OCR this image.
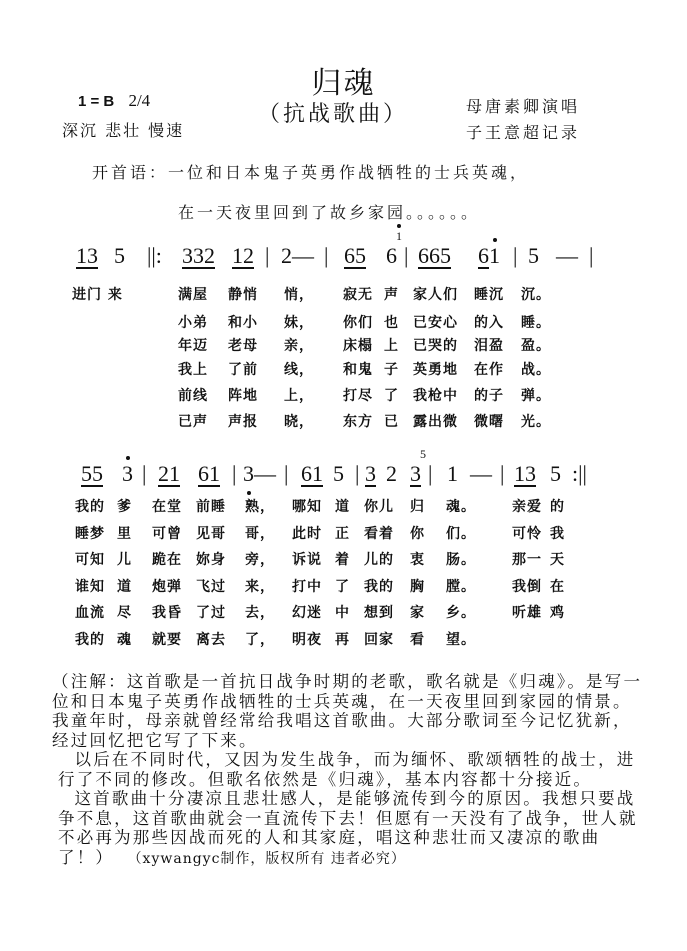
归魂
（抗战歌曲）
1 = B 2/4
深沉 悲壮 慢速
母唐素卿演唱
子王意超记录
开首语：一位和日本鬼子英勇作战牺牲的士兵英魂，
在一天夜里回到了故乡家园。。。。。。
13 5 ||: 332 12 | 2— | 65 6
1
| 665 61 | 5 — |
进门 来	满屋 静悄 悄， 寂无 声 家人们 睡沉 沉。
小弟 和小 妹， 你们 也 已安心 的入 睡。
年迈 老母 亲， 床榻 上 已哭的 泪盈 盈。
我上 了前 线， 和鬼 子 英勇地 在作 战。
前线 阵地 上， 打尽 了 我枪中 的子 弹。
已声 声报 晓， 东方 已 露出微 微曙 光。
55 3 | 21 61 | 3— | 61 5 | 3 2 3
5
| 1 — | 13 5 :||
我的 爹 在堂 前睡 熟， 哪知 道 你儿 归 魂。	亲爱 的
睡梦 里 可曾 见哥 哥， 此时 正 看着 你 们。	可怜 我
可知 儿 跪在 妳身 旁， 诉说 着 儿的 衷 肠。	那一 天
谁知 道 炮弹 飞过 来， 打中 了 我的 胸 膛。	我倒 在
血流 尽 我昏 了过 去， 幻迷 中 想到 家 乡。	听雄 鸡
我的 魂 就要 离去 了， 明夜 再 回家 看 望。

（注解：这首歌是一首抗日战争时期的老歌，歌名就是《归魂》。是写一位和日本鬼子英勇作战牺牲的士兵英魂，在一天夜里回到家园的情景。我童年时，母亲就曾经常给我唱这首歌曲。大部分歌词至今记忆犹新，经过回忆把它写了下来。

以后在不同时代，又因为发生战争，而为缅怀、歌颂牺牲的战士，进行了不同的修改。但歌名依然是《归魂》，基本内容都十分接近。

这首歌曲十分凄凉且悲壮感人，是能够流传到今的原因。我想只要战争不息，这首歌曲就会一直流传下去！但愿有一天没有了战争，世人就不必再为那些因战而死的人和其家庭，唱这种悲壮而又凄凉的歌曲了！） （xywangyc制作，版权所有 违者必究）
